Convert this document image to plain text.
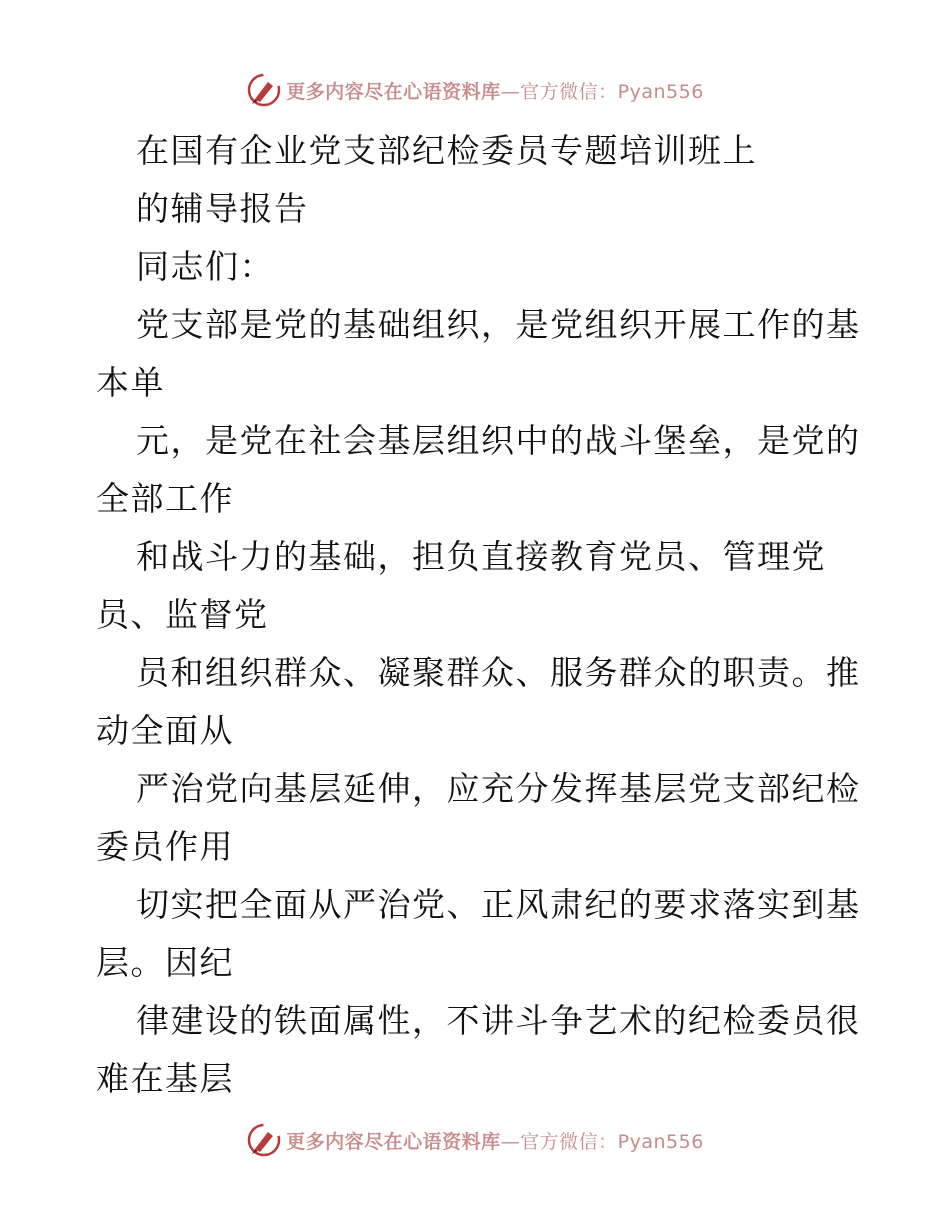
更多内容尽在心语资料库—官方微信：Pyan556
在国有企业党支部纪检委员专题培训班上
的辅导报告
同志们：
党支部是党的基础组织，是党组织开展工作的基
本单
元，是党在社会基层组织中的战斗堡垒，是党的
全部工作
和战斗力的基础，担负直接教育党员、管理党
员、监督党
员和组织群众、凝聚群众、服务群众的职责。推
动全面从
严治党向基层延伸，应充分发挥基层党支部纪检
委员作用
切实把全面从严治党、正风肃纪的要求落实到基
层。因纪
律建设的铁面属性，不讲斗争艺术的纪检委员很
难在基层
更多内容尽在心语资料库—官方微信：Pyan556
